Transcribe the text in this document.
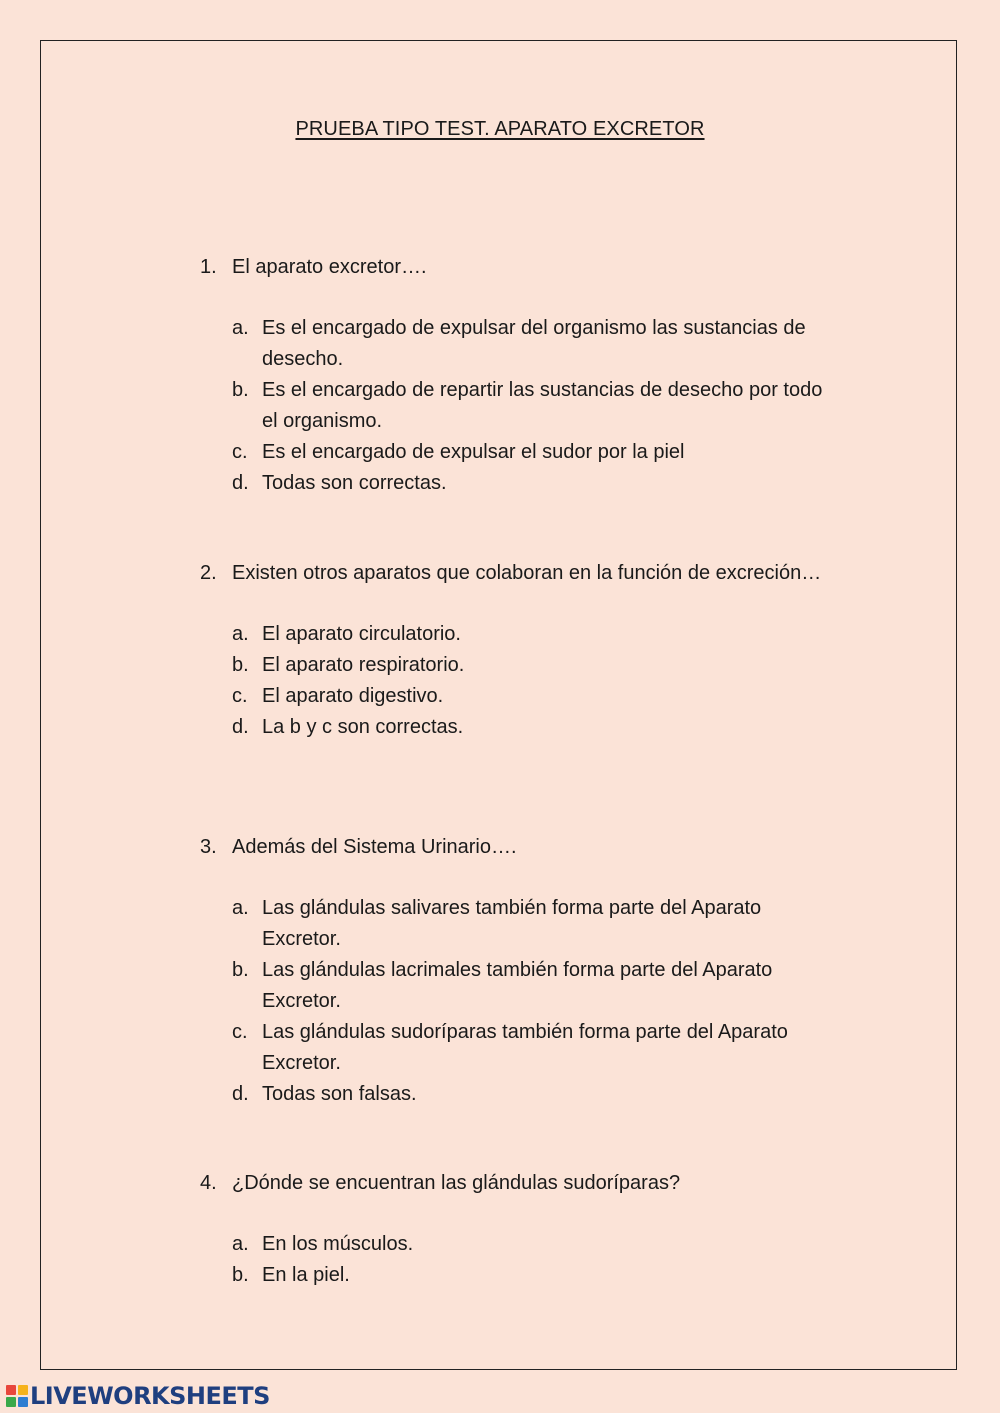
PRUEBA TIPO TEST. APARATO EXCRETOR
1. El aparato excretor….
a. Es el encargado de expulsar del organismo las sustancias de desecho.
b. Es el encargado de repartir las sustancias de desecho por todo el organismo.
c. Es el encargado de expulsar el sudor por la piel
d. Todas son correctas.
2. Existen otros aparatos que colaboran en la función de excreción…
a. El aparato circulatorio.
b. El aparato respiratorio.
c. El aparato digestivo.
d. La b y c son correctas.
3. Además del Sistema Urinario….
a. Las glándulas salivares también forma parte del Aparato Excretor.
b. Las glándulas lacrimales también forma parte del Aparato Excretor.
c. Las glándulas sudoríparas también forma parte del Aparato Excretor.
d. Todas son falsas.
4. ¿Dónde se encuentran las glándulas sudoríparas?
a. En los músculos.
b. En la piel.
LIVEWORKSHEETS
